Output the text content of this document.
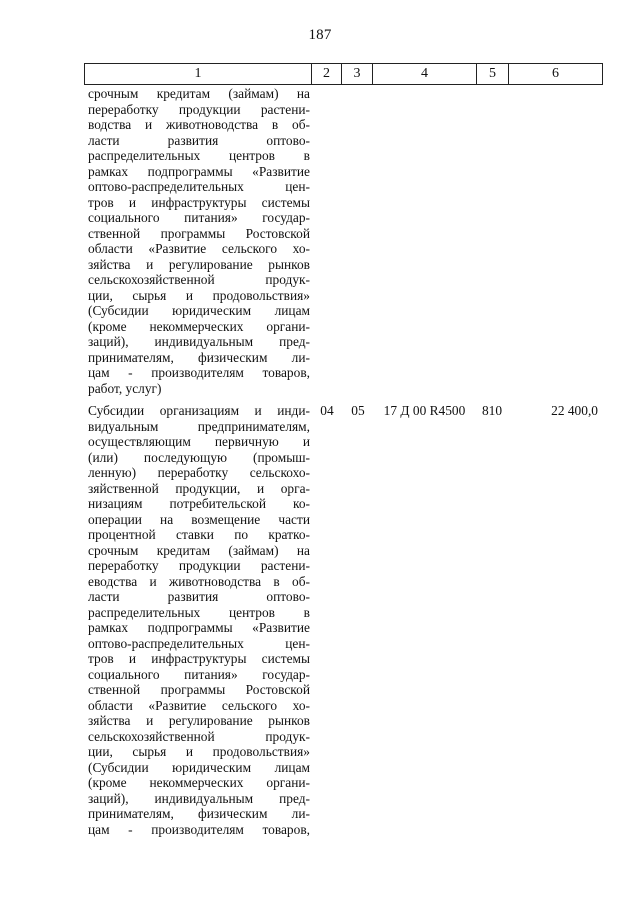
187
1	2	3	4	5	6
срочным кредитам (займам) на
переработку продукции растени-
водства и животноводства в об-
ласти развития оптово-
распределительных центров в
рамках подпрограммы «Развитие
оптово-распределительных цен-
тров и инфраструктуры системы
социального питания» государ-
ственной программы Ростовской
области «Развитие сельского хо-
зяйства и регулирование рынков
сельскохозяйственной продук-
ции, сырья и продовольствия»
(Субсидии юридическим лицам
(кроме некоммерческих органи-
заций), индивидуальным пред-
принимателям, физическим ли-
цам - производителям товаров,
работ, услуг)
Субсидии организациям и инди-
видуальным предпринимателям,
осуществляющим первичную и
(или) последующую (промыш-
ленную) переработку сельскохо-
зяйственной продукции, и орга-
низациям потребительской ко-
операции на возмещение части
процентной ставки по кратко-
срочным кредитам (займам) на
переработку продукции растени-
еводства и животноводства в об-
ласти развития оптово-
распределительных центров в
рамках подпрограммы «Развитие
оптово-распределительных цен-
тров и инфраструктуры системы
социального питания» государ-
ственной программы Ростовской
области «Развитие сельского хо-
зяйства и регулирование рынков
сельскохозяйственной продук-
ции, сырья и продовольствия»
(Субсидии юридическим лицам
(кроме некоммерческих органи-
заций), индивидуальным пред-
принимателям, физическим ли-
цам - производителям товаров,
04	05	17 Д 00 R4500	810	22 400,0
